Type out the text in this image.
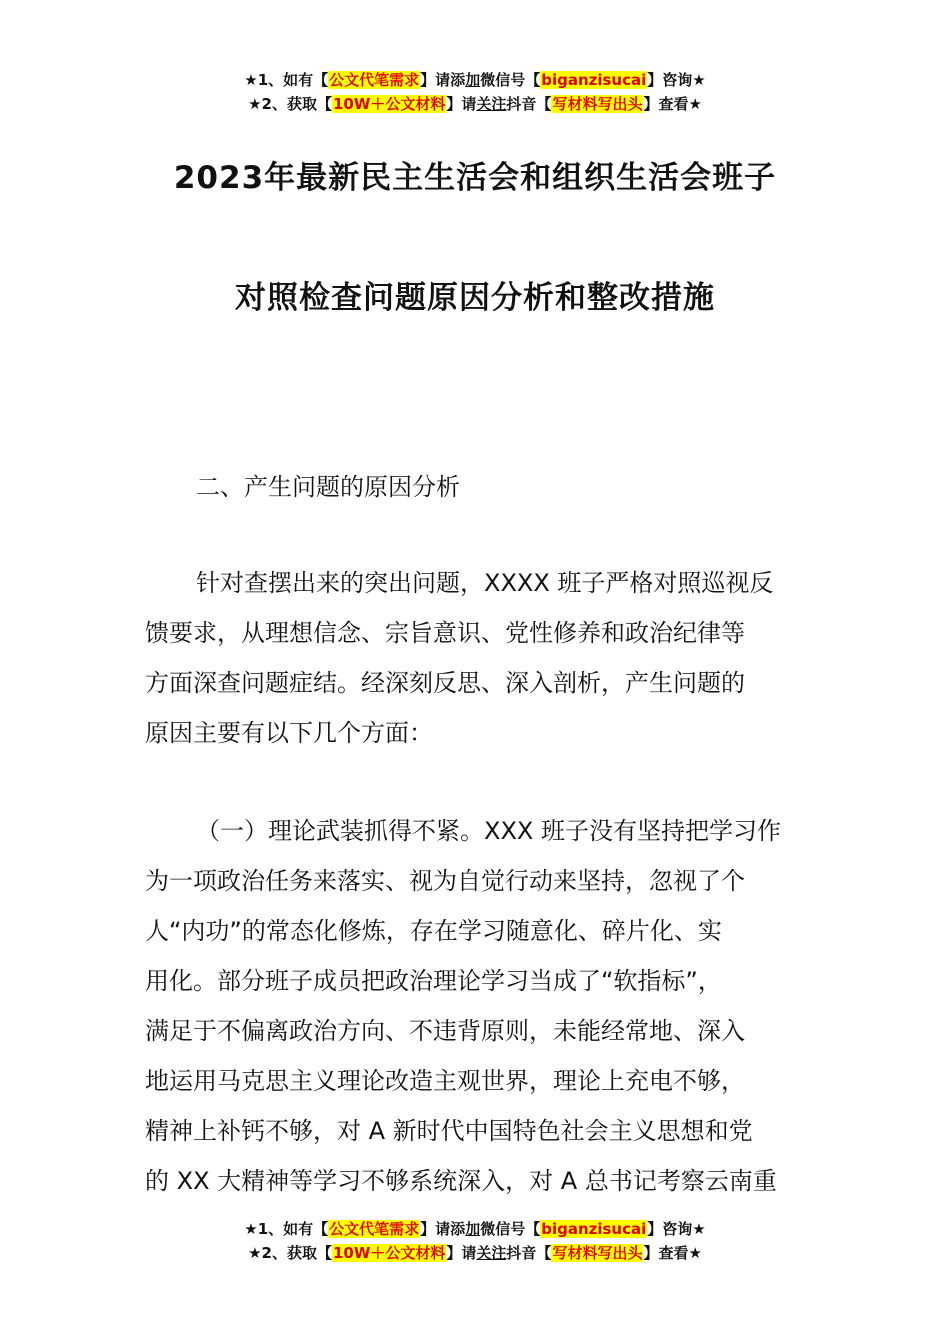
★1、如有【公文代笔需求】请添加微信号【biganzisucai】咨询★
★2、获取【10W＋公文材料】请关注抖音【写材料写出头】查看★
2023年最新民主生活会和组织生活会班子
对照检查问题原因分析和整改措施
二、产生问题的原因分析
针对查摆出来的突出问题，XXXX 班子严格对照巡视反
馈要求，从理想信念、宗旨意识、党性修养和政治纪律等
方面深查问题症结。经深刻反思、深入剖析，产生问题的
原因主要有以下几个方面：
（一）理论武装抓得不紧。XXX 班子没有坚持把学习作
为一项政治任务来落实、视为自觉行动来坚持，忽视了个
人“内功”的常态化修炼，存在学习随意化、碎片化、实
用化。部分班子成员把政治理论学习当成了“软指标”，
满足于不偏离政治方向、不违背原则，未能经常地、深入
地运用马克思主义理论改造主观世界，理论上充电不够，
精神上补钙不够，对 A 新时代中国特色社会主义思想和党
的 XX 大精神等学习不够系统深入，对 A 总书记考察云南重
★1、如有【公文代笔需求】请添加微信号【biganzisucai】咨询★
★2、获取【10W＋公文材料】请关注抖音【写材料写出头】查看★
